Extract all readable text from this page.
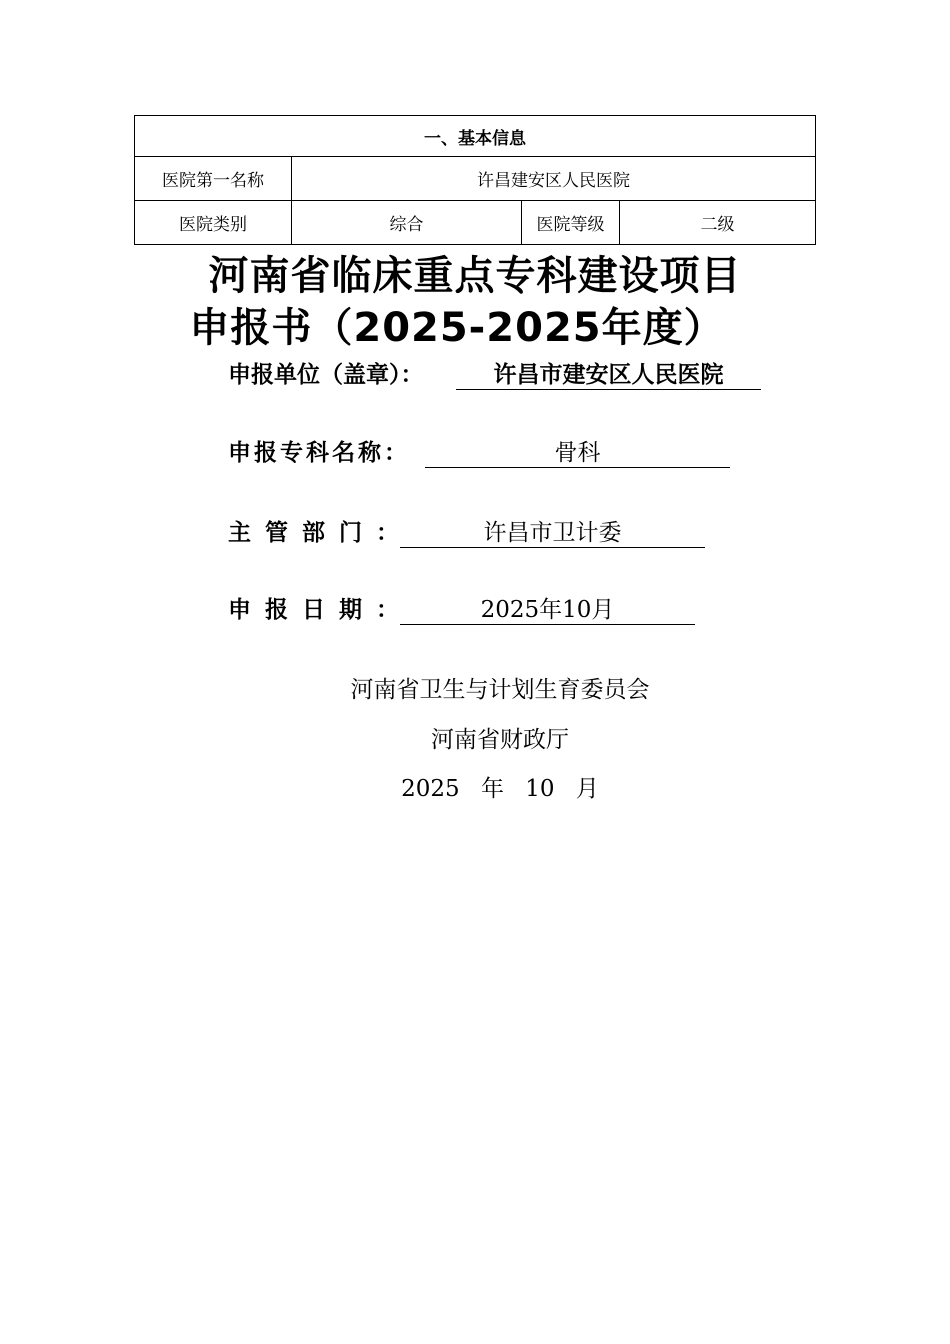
一、基本信息			
医院第一名称	许昌建安区人民医院		
医院类别	综合	医院等级	二级
河南省临床重点专科建设项目
申报书（2025-2025年度）
申报单位（盖章）：	许昌市建安区人民医院
申报专科名称：	骨科
主管部门：	许昌市卫计委
申报日期：	2025年10月
河南省卫生与计划生育委员会
河南省财政厅
2025 年 10 月
